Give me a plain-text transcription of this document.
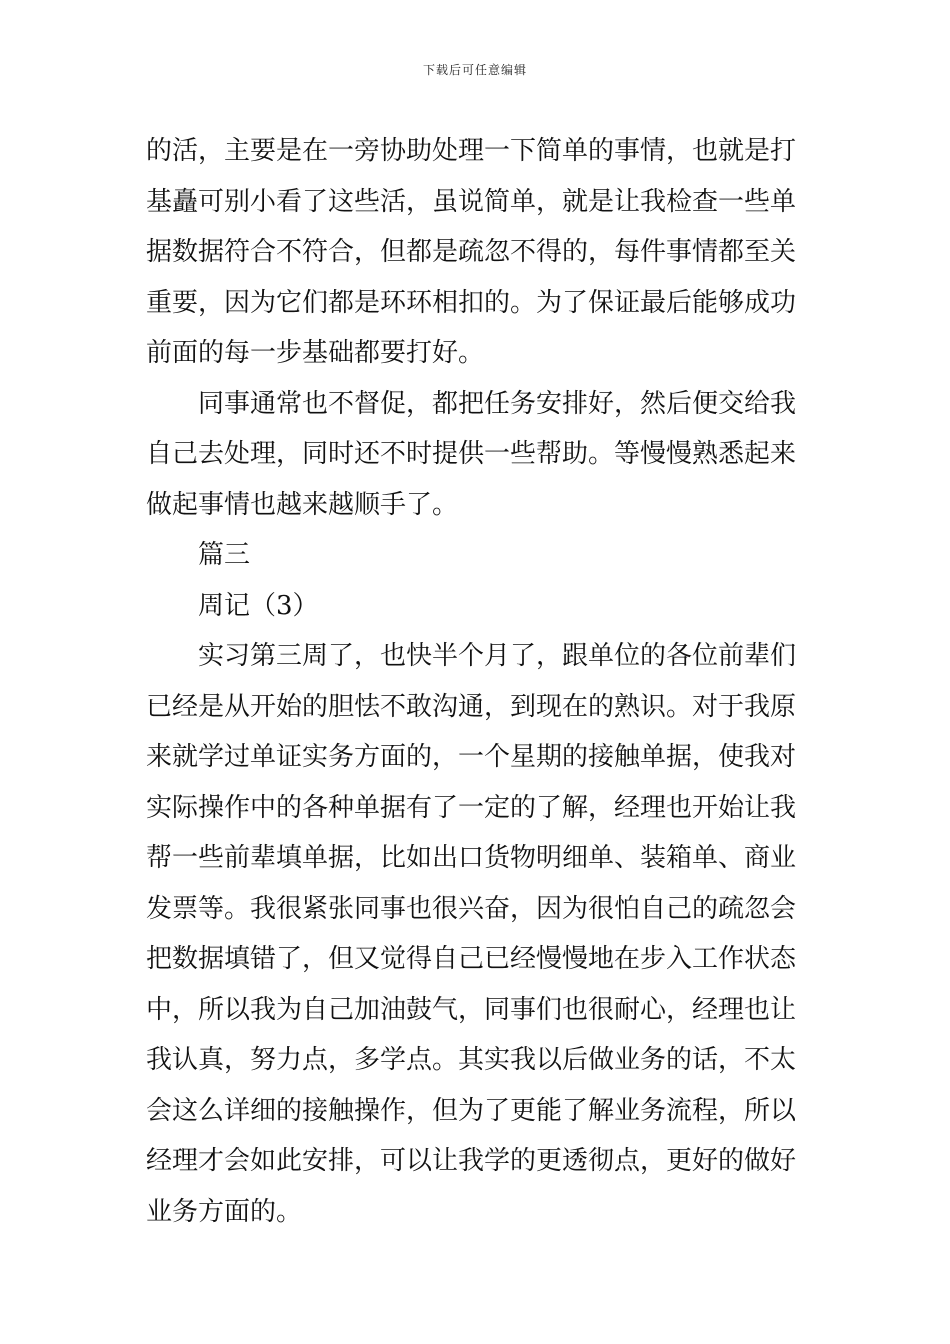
下载后可任意编辑
的活，主要是在一旁协助处理一下简单的事情，也就是打
基矗可别小看了这些活，虽说简单，就是让我检查一些单
据数据符合不符合，但都是疏忽不得的，每件事情都至关
重要，因为它们都是环环相扣的。为了保证最后能够成功
前面的每一步基础都要打好。
同事通常也不督促，都把任务安排好，然后便交给我
自己去处理，同时还不时提供一些帮助。等慢慢熟悉起来
做起事情也越来越顺手了。
篇三
周记（3）
实习第三周了，也快半个月了，跟单位的各位前辈们
已经是从开始的胆怯不敢沟通，到现在的熟识。对于我原
来就学过单证实务方面的，一个星期的接触单据，使我对
实际操作中的各种单据有了一定的了解，经理也开始让我
帮一些前辈填单据，比如出口货物明细单、装箱单、商业
发票等。我很紧张同事也很兴奋，因为很怕自己的疏忽会
把数据填错了，但又觉得自己已经慢慢地在步入工作状态
中，所以我为自己加油鼓气，同事们也很耐心，经理也让
我认真，努力点，多学点。其实我以后做业务的话，不太
会这么详细的接触操作，但为了更能了解业务流程，所以
经理才会如此安排，可以让我学的更透彻点，更好的做好
业务方面的。
